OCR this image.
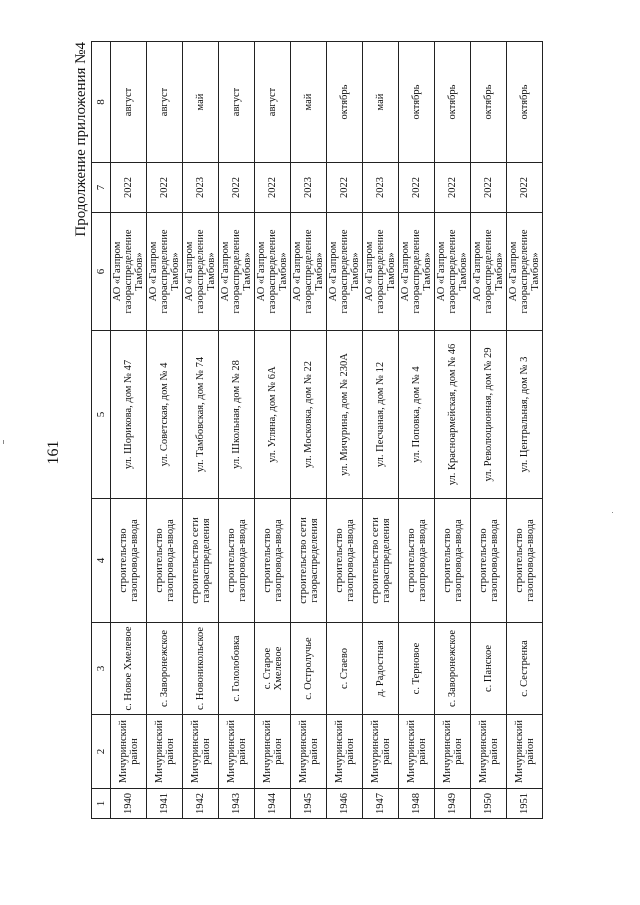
161
Продолжение приложения №4
1	2	3	4	5	6	7	8
1940	Мичуринский район	с. Новое Хмелевое	строительство газопровода-ввода	ул. Шорикова, дом № 47	АО «Газпром газораспределение Тамбов»	2022	август
1941	Мичуринский район	с. Заворонежское	строительство газопровода-ввода	ул. Советская, дом № 4	АО «Газпром газораспределение Тамбов»	2022	август
1942	Мичуринский район	с. Новоникольское	строительство сети газораспределения	ул. Тамбовская, дом № 74	АО «Газпром газораспределение Тамбов»	2023	май
1943	Мичуринский район	с. Гололобовка	строительство газопровода-ввода	ул. Школьная, дом № 28	АО «Газпром газораспределение Тамбов»	2022	август
1944	Мичуринский район	с. Старое Хмелевое	строительство газопровода-ввода	ул. Угляна, дом № 6А	АО «Газпром газораспределение Тамбов»	2022	август
1945	Мичуринский район	с. Остролучье	строительство сети газораспределения	ул. Московка, дом № 22	АО «Газпром газораспределение Тамбов»	2023	май
1946	Мичуринский район	с. Стаево	строительство газопровода-ввода	ул. Мичурина, дом № 230А	АО «Газпром газораспределение Тамбов»	2022	октябрь
1947	Мичуринский район	д. Радостная	строительство сети газораспределения	ул. Песчаная, дом № 12	АО «Газпром газораспределение Тамбов»	2023	май
1948	Мичуринский район	с. Терновое	строительство газопровода-ввода	ул. Поповка, дом № 4	АО «Газпром газораспределение Тамбов»	2022	октябрь
1949	Мичуринский район	с. Заворонежское	строительство газопровода-ввода	ул. Красноармейская, дом № 46	АО «Газпром газораспределение Тамбов»	2022	октябрь
1950	Мичуринский район	с. Панское	строительство газопровода-ввода	ул. Революционная, дом № 29	АО «Газпром газораспределение Тамбов»	2022	октябрь
1951	Мичуринский район	с. Сестренка	строительство газопровода-ввода	ул. Центральная, дом № 3	АО «Газпром газораспределение Тамбов»	2022	октябрь
